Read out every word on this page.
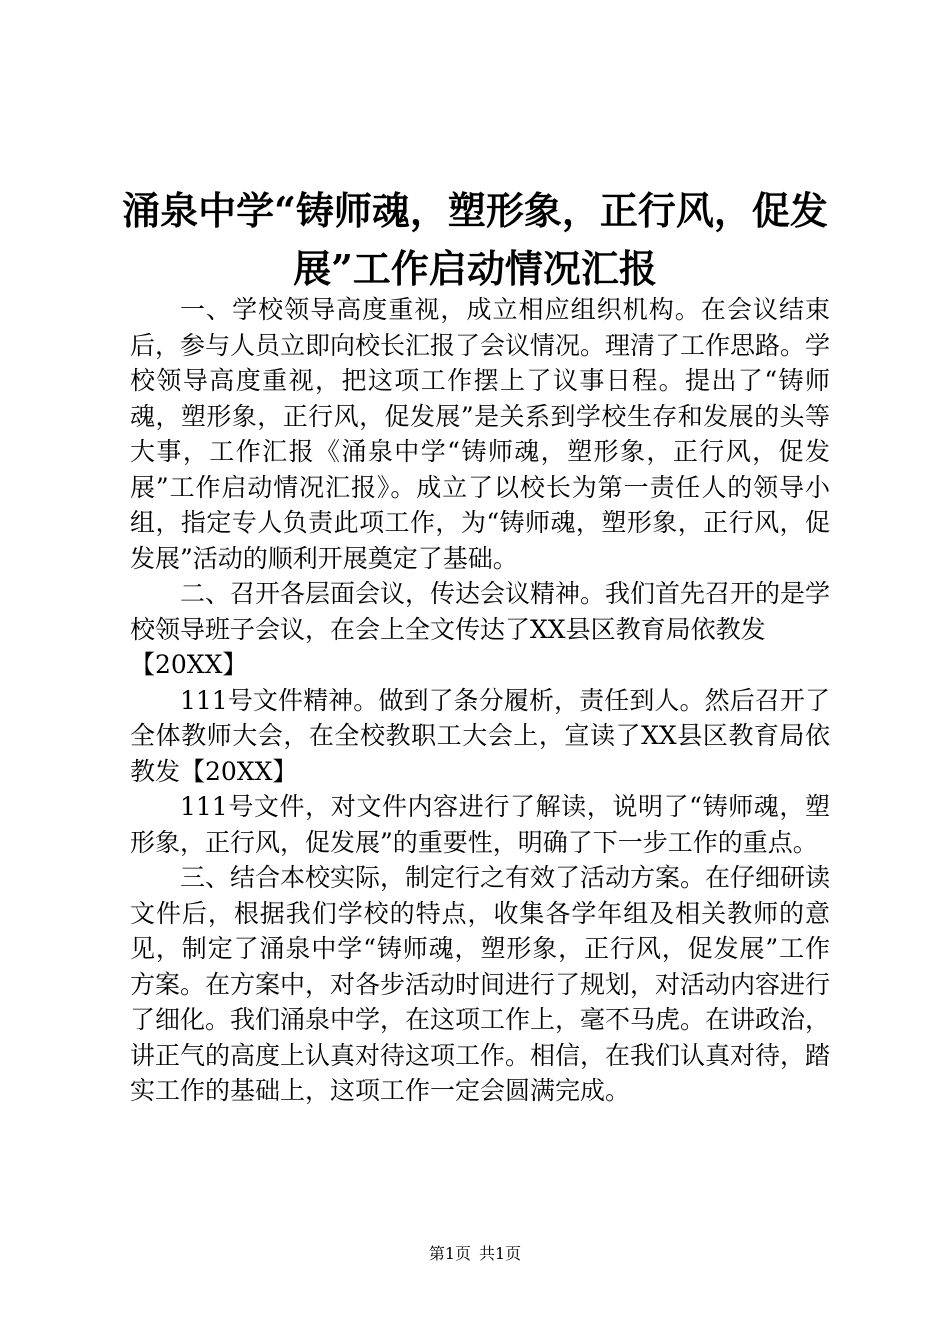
涌泉中学“铸师魂，塑形象，正行风，促发展”工作启动情况汇报

一、学校领导高度重视，成立相应组织机构。在会议结束后，参与人员立即向校长汇报了会议情况。理清了工作思路。学校领导高度重视，把这项工作摆上了议事日程。提出了“铸师魂，塑形象，正行风，促发展”是关系到学校生存和发展的头等大事，工作汇报《涌泉中学“铸师魂，塑形象，正行风，促发展”工作启动情况汇报》。成立了以校长为第一责任人的领导小组，指定专人负责此项工作，为“铸师魂，塑形象，正行风，促发展”活动的顺利开展奠定了基础。

二、召开各层面会议，传达会议精神。我们首先召开的是学校领导班子会议，在会上全文传达了XX县区教育局依教发

【20XX】

111号文件精神。做到了条分履析，责任到人。然后召开了全体教师大会，在全校教职工大会上，宣读了XX县区教育局依教发【20XX】

111号文件，对文件内容进行了解读，说明了“铸师魂，塑形象，正行风，促发展”的重要性，明确了下一步工作的重点。

三、结合本校实际，制定行之有效了活动方案。在仔细研读文件后，根据我们学校的特点，收集各学年组及相关教师的意见，制定了涌泉中学“铸师魂，塑形象，正行风，促发展”工作方案。在方案中，对各步活动时间进行了规划，对活动内容进行了细化。我们涌泉中学，在这项工作上，毫不马虎。在讲政治，讲正气的高度上认真对待这项工作。相信，在我们认真对待，踏实工作的基础上，这项工作一定会圆满完成。

第1页 共1页
